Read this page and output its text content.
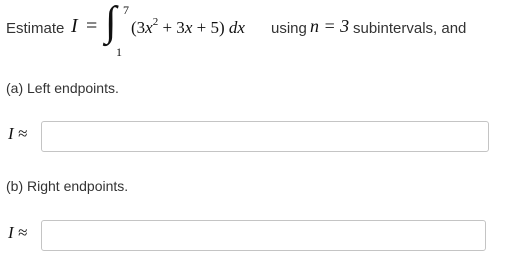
Estimate I = ∫ 7
1
$(3x^2 + 3x + 5)$ dx using n = 3 subintervals, and
(a) Left endpoints.
I ≈
(b) Right endpoints.
I ≈
